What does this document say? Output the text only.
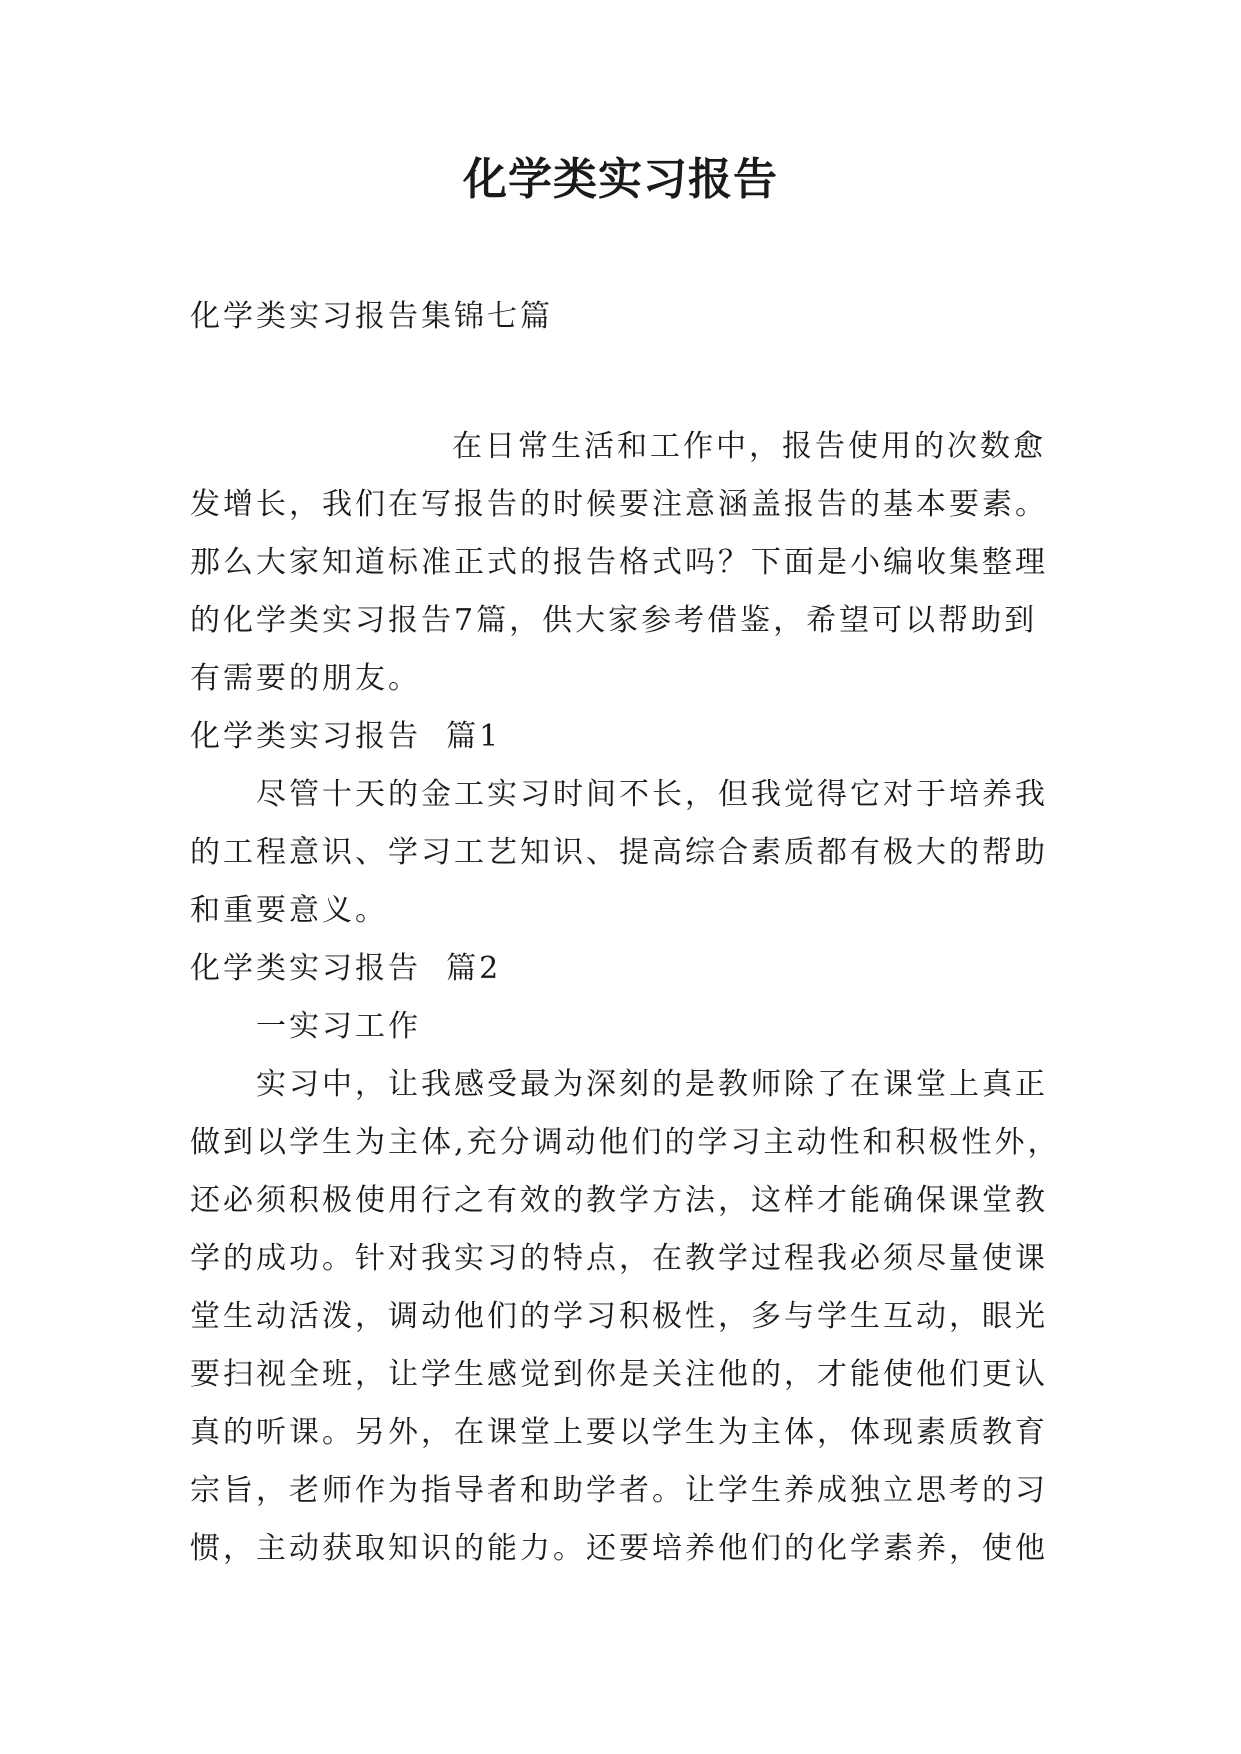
化学类实习报告

化学类实习报告集锦七篇

在日常生活和工作中，报告使用的次数愈发增长，我们在写报告的时候要注意涵盖报告的基本要素。那么大家知道标准正式的报告格式吗？下面是小编收集整理的化学类实习报告7篇，供大家参考借鉴，希望可以帮助到有需要的朋友。

化学类实习报告  篇1

尽管十天的金工实习时间不长，但我觉得它对于培养我的工程意识、学习工艺知识、提高综合素质都有极大的帮助和重要意义。

化学类实习报告  篇2

一实习工作

实习中，让我感受最为深刻的是教师除了在课堂上真正做到以学生为主体,充分调动他们的学习主动性和积极性外，还必须积极使用行之有效的教学方法，这样才能确保课堂教学的成功。针对我实习的特点，在教学过程我必须尽量使课堂生动活泼，调动他们的学习积极性，多与学生互动，眼光要扫视全班，让学生感觉到你是关注他的，才能使他们更认真的听课。另外，在课堂上要以学生为主体，体现素质教育宗旨，老师作为指导者和助学者。让学生养成独立思考的习惯，主动获取知识的能力。还要培养他们的化学素养，使他
